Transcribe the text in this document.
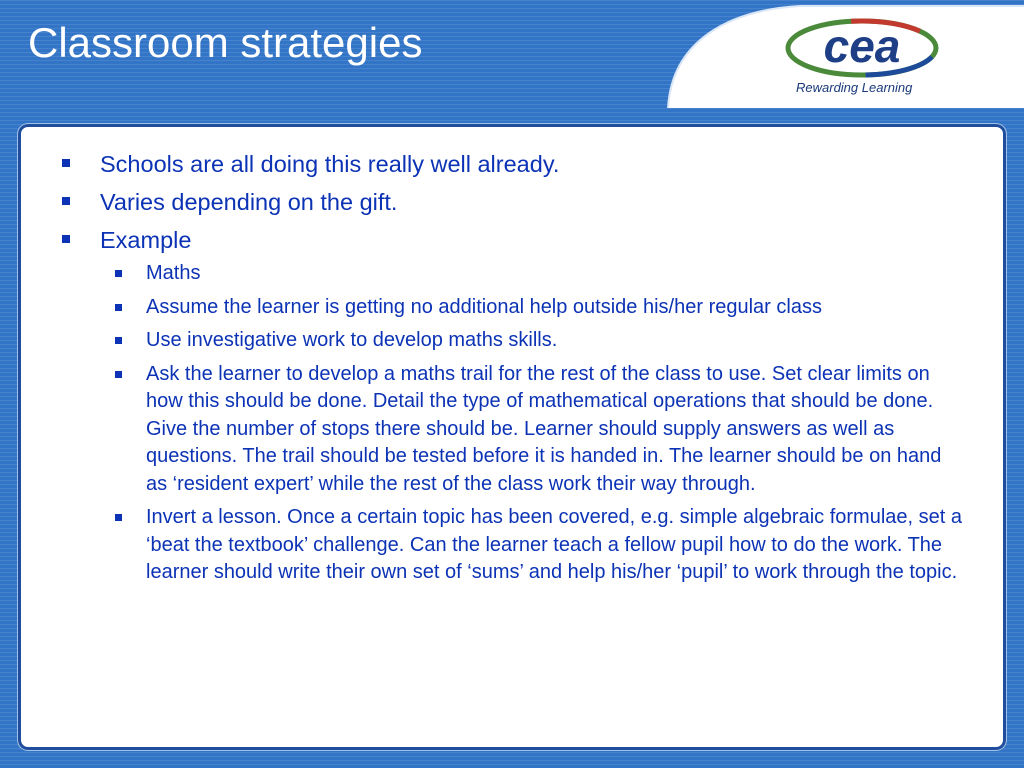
Classroom strategies	cea
Rewarding Learning
Schools are all doing this really well already.
Varies depending on the gift.
Example
Maths
Assume the learner is getting no additional help outside his/her regular class
Use investigative work to develop maths skills.
Ask the learner to develop a maths trail for the rest of the class to use. Set clear limits on how this should be done. Detail the type of mathematical operations that should be done. Give the number of stops there should be. Learner should supply answers as well as questions. The trail should be tested before it is handed in. The learner should be on hand as ‘resident expert’ while the rest of the class work their way through.
Invert a lesson. Once a certain topic has been covered, e.g. simple algebraic formulae, set a ‘beat the textbook’ challenge. Can the learner teach a fellow pupil how to do the work. The learner should write their own set of ‘sums’ and help his/her ‘pupil’ to work through the topic.
